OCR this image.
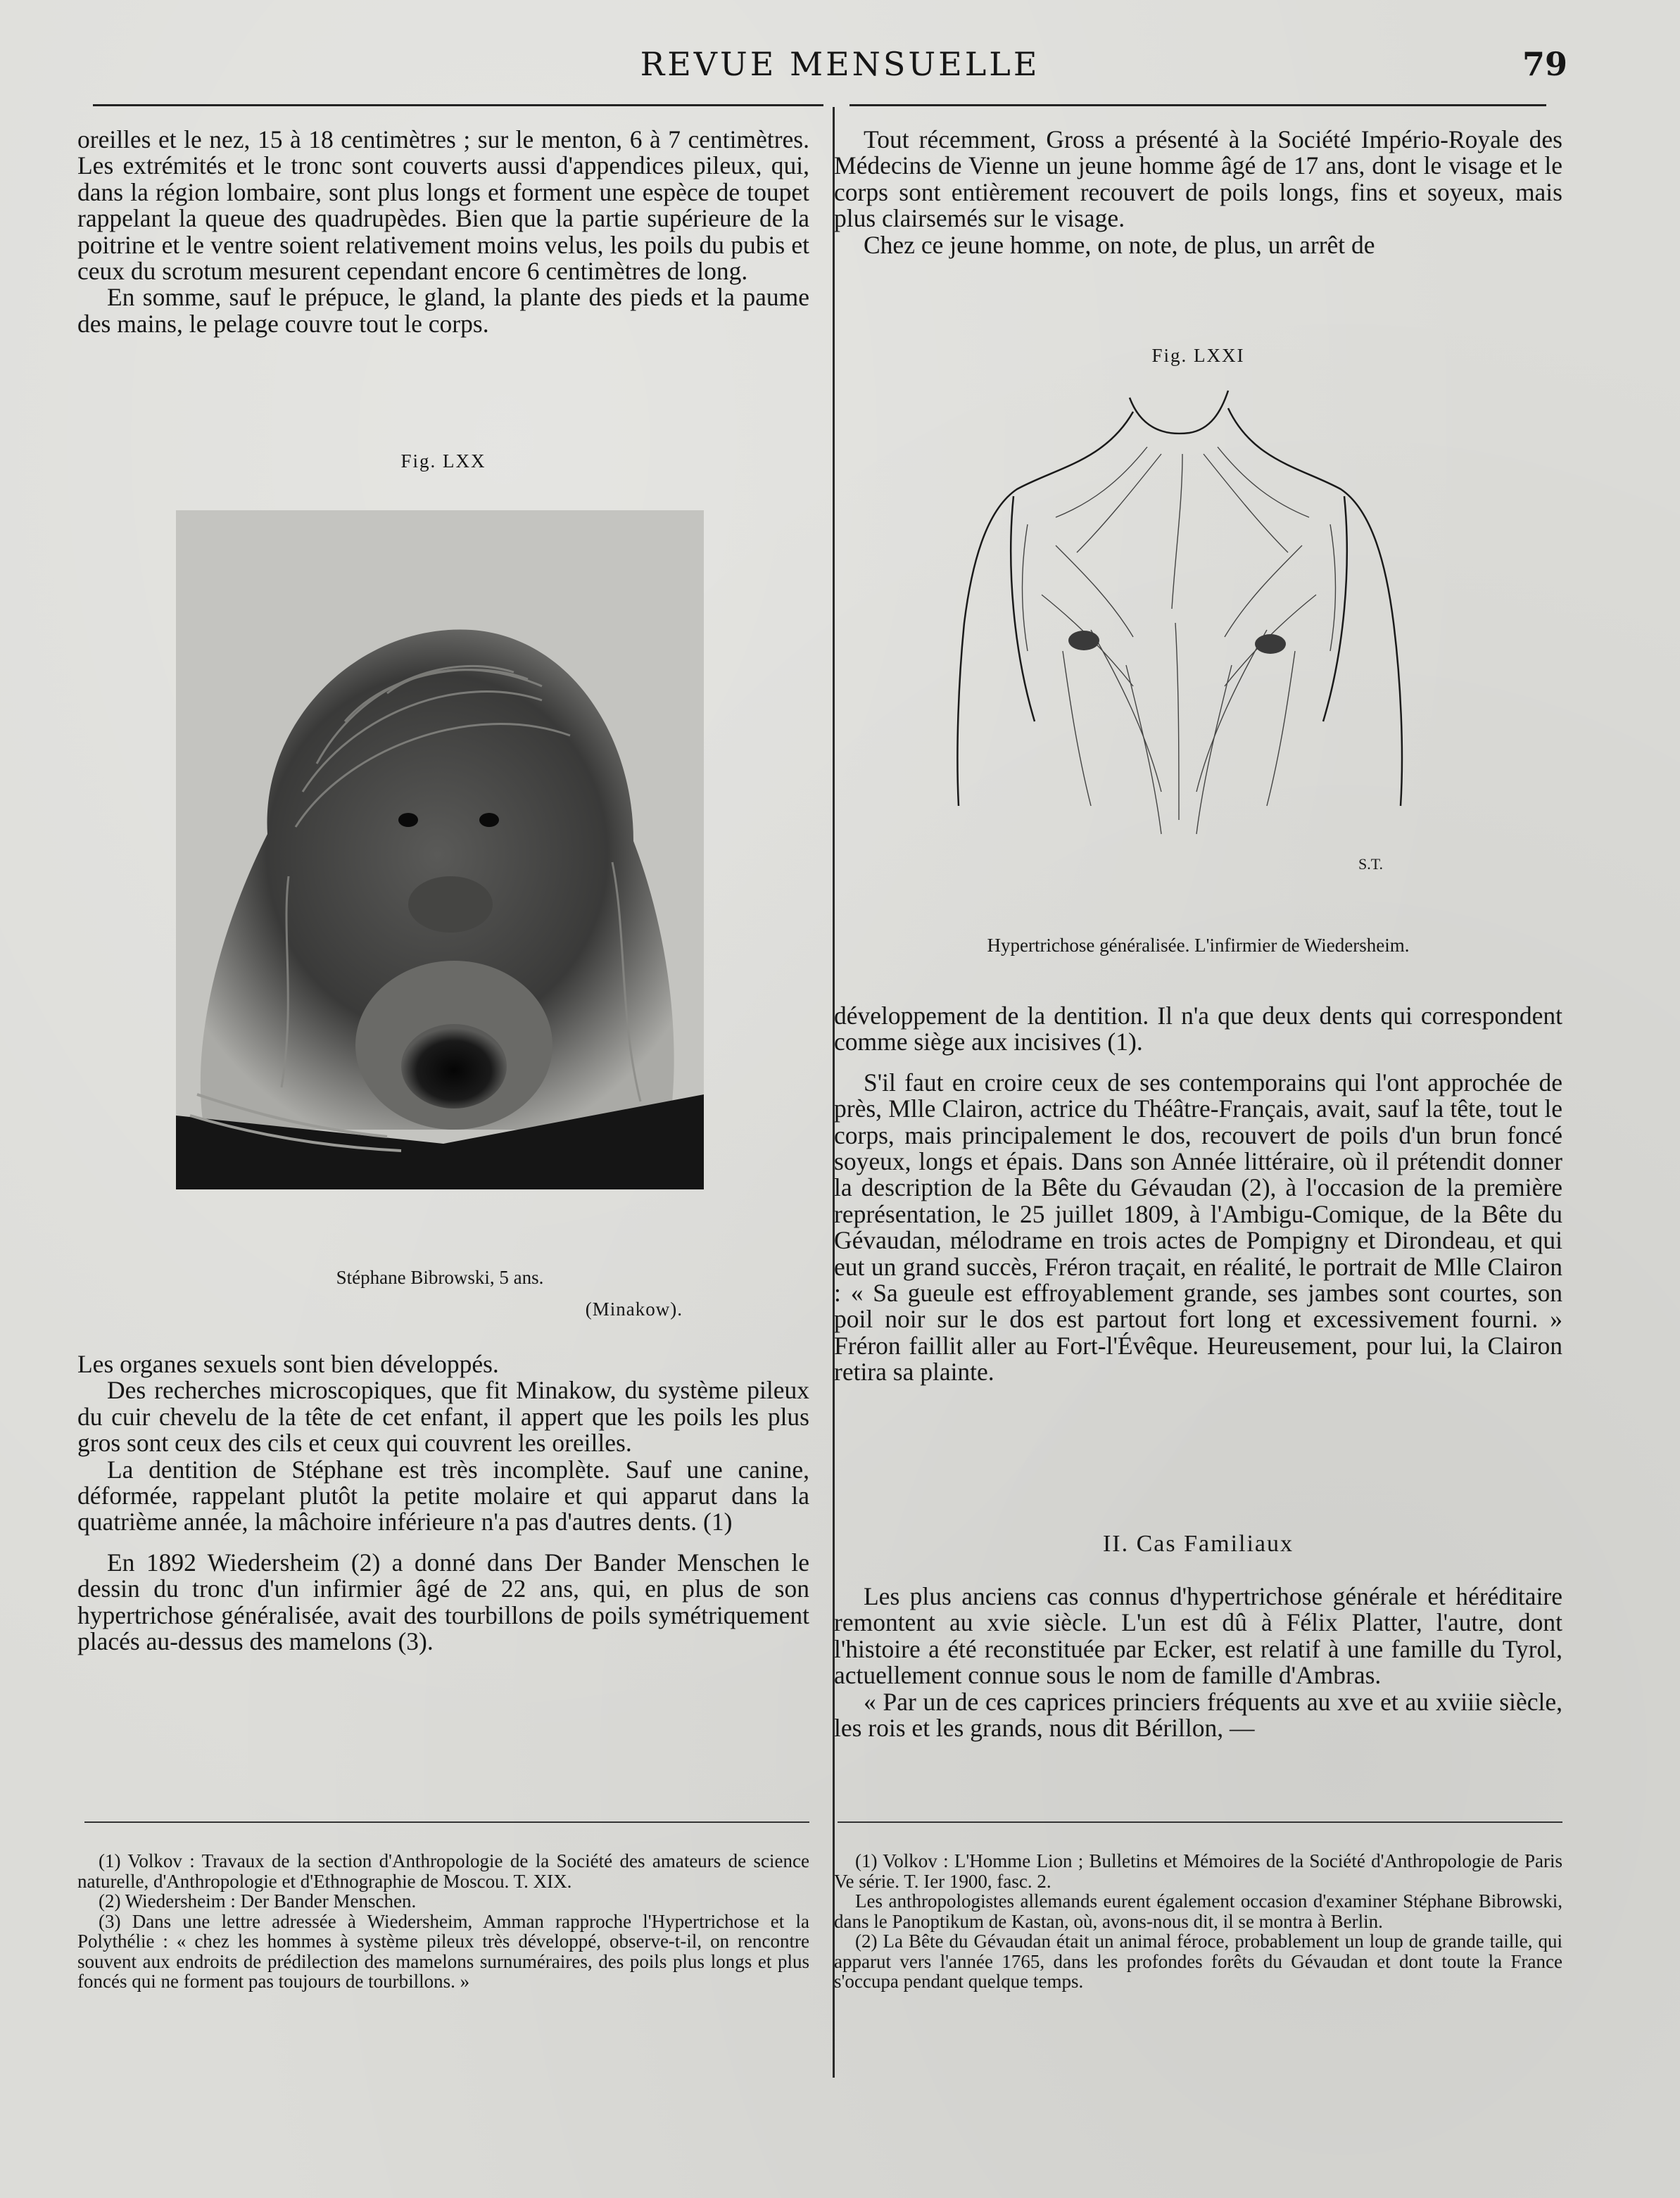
REVUE MENSUELLE	79

oreilles et le nez, 15 à 18 centimètres ; sur le menton, 6 à 7 centimètres. Les extrémités et le tronc sont couverts aussi d'appendices pileux, qui, dans la région lombaire, sont plus longs et forment une espèce de toupet rappelant la queue des quadrupèdes. Bien que la partie supérieure de la poitrine et le ventre soient relativement moins velus, les poils du pubis et ceux du scrotum mesurent cependant encore 6 centimètres de long.

En somme, sauf le prépuce, le gland, la plante des pieds et la paume des mains, le pelage couvre tout le corps.

Fig. LXX
Stéphane Bibrowski, 5 ans.
(Minakow).

Les organes sexuels sont bien développés.

Des recherches microscopiques, que fit Minakow, du système pileux du cuir chevelu de la tête de cet enfant, il appert que les poils les plus gros sont ceux des cils et ceux qui couvrent les oreilles.

La dentition de Stéphane est très incomplète. Sauf une canine, déformée, rappelant plutôt la petite molaire et qui apparut dans la quatrième année, la mâchoire inférieure n'a pas d'autres dents. (1)

En 1892 Wiedersheim (2) a donné dans Der Bander Menschen le dessin du tronc d'un infirmier âgé de 22 ans, qui, en plus de son hypertrichose généralisée, avait des tourbillons de poils symétriquement placés au-dessus des mamelons (3).

(1) Volkov : Travaux de la section d'Anthropologie de la Société des amateurs de science naturelle, d'Anthropologie et d'Ethnographie de Moscou. T. XIX.

(2) Wiedersheim : Der Bander Menschen.

(3) Dans une lettre adressée à Wiedersheim, Amman rapproche l'Hypertrichose et la Polythélie : « chez les hommes à système pileux très développé, observe-t-il, on rencontre souvent aux endroits de prédilection des mamelons surnuméraires, des poils plus longs et plus foncés qui ne forment pas toujours de tourbillons. »

Tout récemment, Gross a présenté à la Société Império-Royale des Médecins de Vienne un jeune homme âgé de 17 ans, dont le visage et le corps sont entièrement recouvert de poils longs, fins et soyeux, mais plus clairsemés sur le visage.

Chez ce jeune homme, on note, de plus, un arrêt de

Fig. LXXI
S.T.
Hypertrichose généralisée. L'infirmier de Wiedersheim.

développement de la dentition. Il n'a que deux dents qui correspondent comme siège aux incisives (1).

S'il faut en croire ceux de ses contemporains qui l'ont approchée de près, Mlle Clairon, actrice du Théâtre-Français, avait, sauf la tête, tout le corps, mais principalement le dos, recouvert de poils d'un brun foncé soyeux, longs et épais. Dans son Année littéraire, où il prétendit donner la description de la Bête du Gévaudan (2), à l'occasion de la première représentation, le 25 juillet 1809, à l'Ambigu-Comique, de la Bête du Gévaudan, mélodrame en trois actes de Pompigny et Dirondeau, et qui eut un grand succès, Fréron traçait, en réalité, le portrait de Mlle Clairon : « Sa gueule est effroyablement grande, ses jambes sont courtes, son poil noir sur le dos est partout fort long et excessivement fourni. » Fréron faillit aller au Fort-l'Évêque. Heureusement, pour lui, la Clairon retira sa plainte.

II. Cas Familiaux

Les plus anciens cas connus d'hypertrichose générale et héréditaire remontent au xvie siècle. L'un est dû à Félix Platter, l'autre, dont l'histoire a été reconstituée par Ecker, est relatif à une famille du Tyrol, actuellement connue sous le nom de famille d'Ambras.

« Par un de ces caprices princiers fréquents au xve et au xviiie siècle, les rois et les grands, nous dit Bérillon, —

(1) Volkov : L'Homme Lion ; Bulletins et Mémoires de la Société d'Anthropologie de Paris Ve série. T. Ier 1900, fasc. 2.

Les anthropologistes allemands eurent également occasion d'examiner Stéphane Bibrowski, dans le Panoptikum de Kastan, où, avons-nous dit, il se montra à Berlin.

(2) La Bête du Gévaudan était un animal féroce, probablement un loup de grande taille, qui apparut vers l'année 1765, dans les profondes forêts du Gévaudan et dont toute la France s'occupa pendant quelque temps.
